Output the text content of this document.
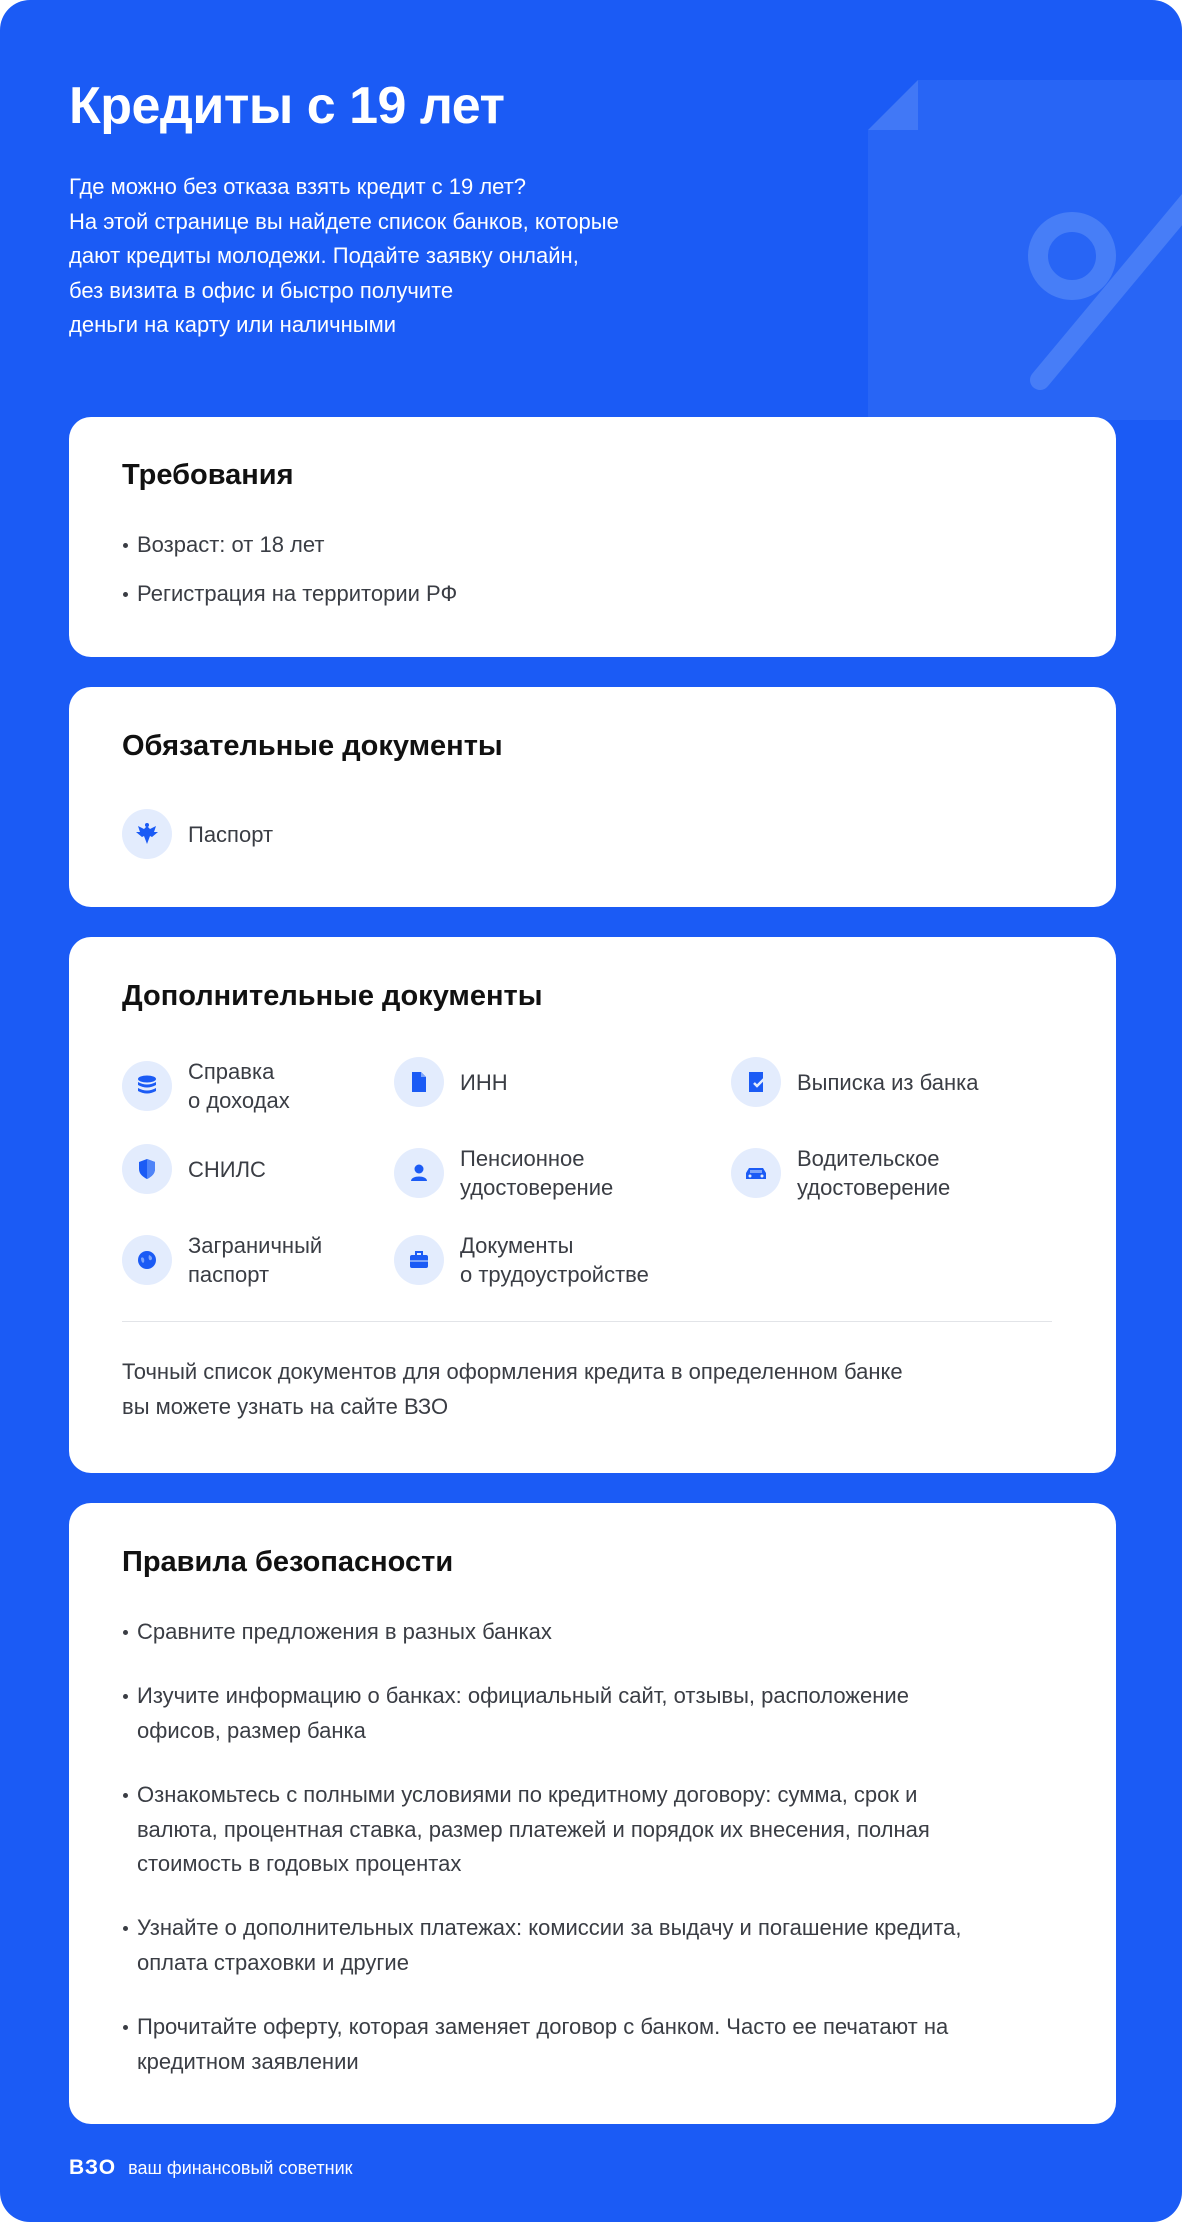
Кредиты с 19 лет
Где можно без отказа взять кредит с 19 лет?
На этой странице вы найдете список банков, которые
дают кредиты молодежи. Подайте заявку онлайн,
без визита в офис и быстро получите
деньги на карту или наличными
Требования
Возраст: от 18 лет
Регистрация на территории РФ
Обязательные документы
Паспорт
Дополнительные документы
Справка
о доходах
ИНН	Выписка из банка
СНИЛС	Пенсионное
удостоверение
Водительское
удостоверение
Заграничный
паспорт
Документы
о трудоустройстве
Точный список документов для оформления кредита в определенном банке
вы можете узнать на сайте ВЗО
Правила безопасности
Сравните предложения в разных банках
Изучите информацию о банках: официальный сайт, отзывы, расположение
офисов, размер банка
Ознакомьтесь с полными условиями по кредитному договору: сумма, срок и
валюта, процентная ставка, размер платежей и порядок их внесения, полная
стоимость в годовых процентах
Узнайте о дополнительных платежах: комиссии за выдачу и погашение кредита,
оплата страховки и другие
Прочитайте оферту, которая заменяет договор с банком. Часто ее печатают на
кредитном заявлении
ВЗО ваш финансовый советник
